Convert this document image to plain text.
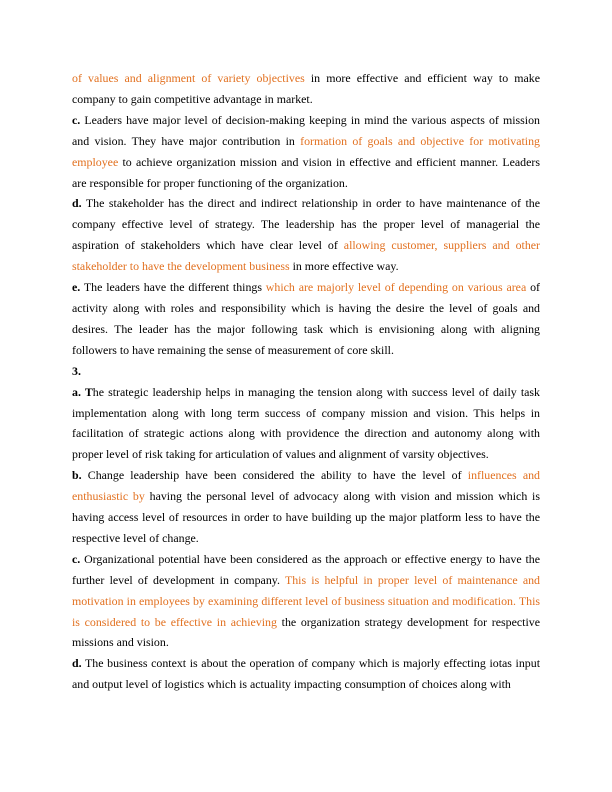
of values and alignment of variety objectives in more effective and efficient way to make company to gain competitive advantage in market.

c. Leaders have major level of decision-making keeping in mind the various aspects of mission and vision. They have major contribution in formation of goals and objective for motivating employee to achieve organization mission and vision in effective and efficient manner. Leaders are responsible for proper functioning of the organization.

d. The stakeholder has the direct and indirect relationship in order to have maintenance of the company effective level of strategy. The leadership has the proper level of managerial the aspiration of stakeholders which have clear level of allowing customer, suppliers and other stakeholder to have the development business in more effective way.

e. The leaders have the different things which are majorly level of depending on various area of activity along with roles and responsibility which is having the desire the level of goals and desires. The leader has the major following task which is envisioning along with aligning followers to have remaining the sense of measurement of core skill.

3.

a. The strategic leadership helps in managing the tension along with success level of daily task implementation along with long term success of company mission and vision. This helps in facilitation of strategic actions along with providence the direction and autonomy along with proper level of risk taking for articulation of values and alignment of varsity objectives.

b. Change leadership have been considered the ability to have the level of influences and enthusiastic by having the personal level of advocacy along with vision and mission which is having access level of resources in order to have building up the major platform less to have the respective level of change.

c. Organizational potential have been considered as the approach or effective energy to have the further level of development in company. This is helpful in proper level of maintenance and motivation in employees by examining different level of business situation and modification. This is considered to be effective in achieving the organization strategy development for respective missions and vision.

d. The business context is about the operation of company which is majorly effecting iotas input and output level of logistics which is actuality impacting consumption of choices along with
